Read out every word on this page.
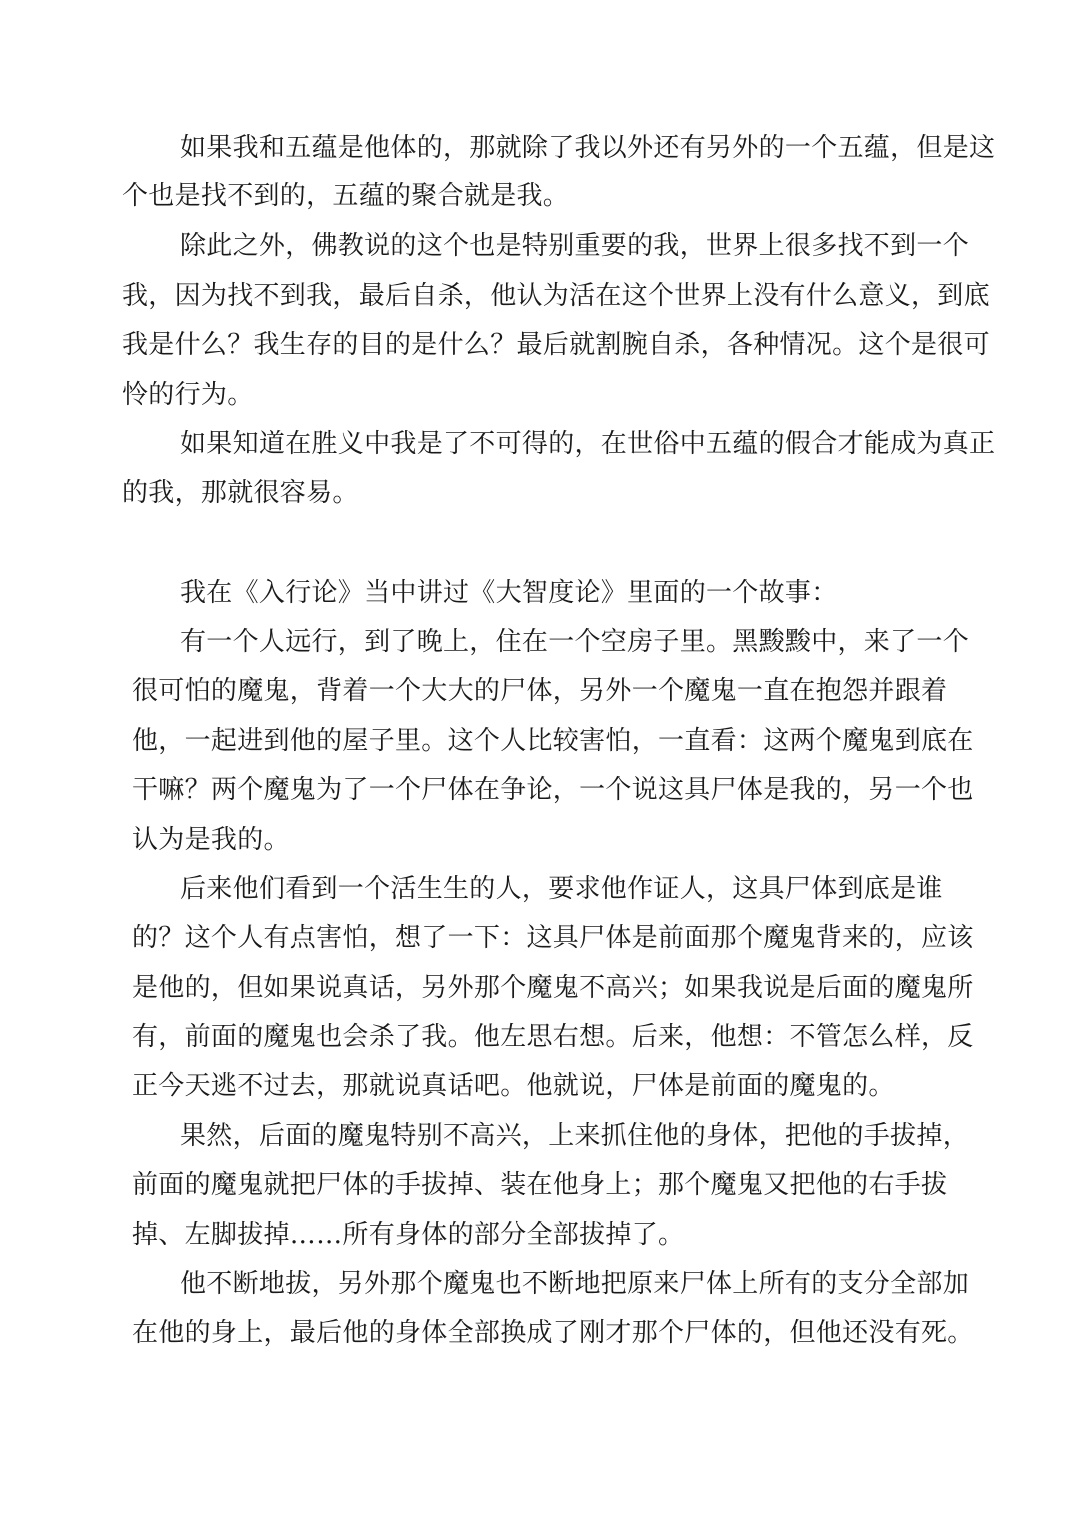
如果我和五蕴是他体的，那就除了我以外还有另外的一个五蕴，但是这
个也是找不到的，五蕴的聚合就是我。
除此之外，佛教说的这个也是特别重要的我，世界上很多找不到一个
我，因为找不到我，最后自杀，他认为活在这个世界上没有什么意义，到底
我是什么？我生存的目的是什么？最后就割腕自杀，各种情况。这个是很可
怜的行为。
如果知道在胜义中我是了不可得的，在世俗中五蕴的假合才能成为真正
的我，那就很容易。
我在《入行论》当中讲过《大智度论》里面的一个故事：
有一个人远行，到了晚上，住在一个空房子里。黑黢黢中，来了一个
很可怕的魔鬼，背着一个大大的尸体，另外一个魔鬼一直在抱怨并跟着
他，一起进到他的屋子里。这个人比较害怕，一直看：这两个魔鬼到底在
干嘛？两个魔鬼为了一个尸体在争论，一个说这具尸体是我的，另一个也
认为是我的。
后来他们看到一个活生生的人，要求他作证人，这具尸体到底是谁
的？这个人有点害怕，想了一下：这具尸体是前面那个魔鬼背来的，应该
是他的，但如果说真话，另外那个魔鬼不高兴；如果我说是后面的魔鬼所
有，前面的魔鬼也会杀了我。他左思右想。后来，他想：不管怎么样，反
正今天逃不过去，那就说真话吧。他就说，尸体是前面的魔鬼的。
果然，后面的魔鬼特别不高兴，上来抓住他的身体，把他的手拔掉，
前面的魔鬼就把尸体的手拔掉、装在他身上；那个魔鬼又把他的右手拔
掉、左脚拔掉……所有身体的部分全部拔掉了。
他不断地拔，另外那个魔鬼也不断地把原来尸体上所有的支分全部加
在他的身上，最后他的身体全部换成了刚才那个尸体的，但他还没有死。
